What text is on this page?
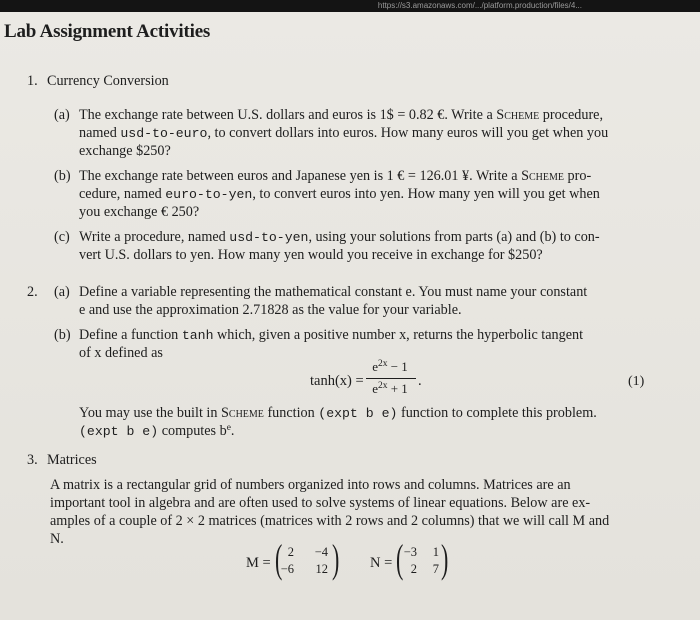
https://s3.amazonaws.com/.../platform.production/files/4...
Lab Assignment Activities
1. Currency Conversion
(a) The exchange rate between U.S. dollars and euros is 1$ = 0.82 €. Write a Scheme procedure,
named usd-to-euro, to convert dollars into euros. How many euros will you get when you
exchange $250?
(b) The exchange rate between euros and Japanese yen is 1 € = 126.01 ¥. Write a Scheme pro-
cedure, named euro-to-yen, to convert euros into yen. How many yen will you get when
you exchange € 250?
(c) Write a procedure, named usd-to-yen, using your solutions from parts (a) and (b) to con-
vert U.S. dollars to yen. How many yen would you receive in exchange for $250?
2. (a) Define a variable representing the mathematical constant e. You must name your constant
e and use the approximation 2.71828 as the value for your variable.
(b) Define a function tanh which, given a positive number x, returns the hyperbolic tangent
of x defined as
tanh(x) =
$e^{2x} - 1$
$e^{2x} + 1$ .	(1)
You may use the built in Scheme function (expt b e) function to complete this problem.
(expt b e) computes $b^e$.
3. Matrices
A matrix is a rectangular grid of numbers organized into rows and columns. Matrices are an
important tool in algebra and are often used to solve systems of linear equations. Below are ex-
amples of a couple of 2 × 2 matrices (matrices with 2 rows and 2 columns) that we will call M and
N.
M = ( 2 −4
−6 12 ) N = ( −3	1
2	7 )
